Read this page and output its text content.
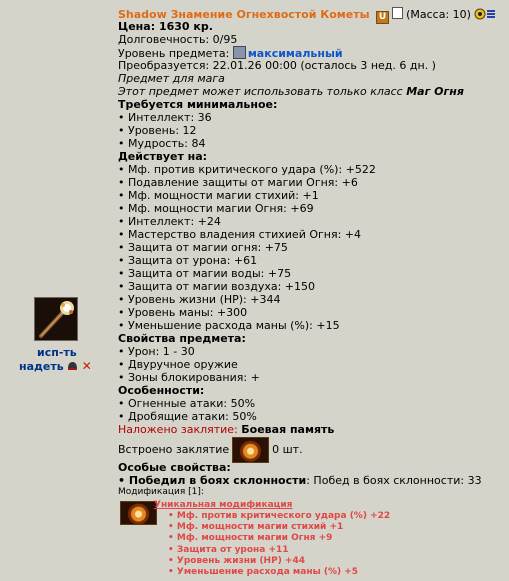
исп-ть
надеть ✕
Shadow Знамение Огнехвостой Кометы U (Масса: 10)
Цена: 1630 кр.
Долговечность: 0/95
Уровень предмета: максимальный
Преобразуется: 22.01.26 00:00 (осталось 3 нед. 6 дн. )
Предмет для мага
Этот предмет может использовать только класс Маг Огня
Требуется минимальное:
• Интеллект: 36
• Уровень: 12
• Мудрость: 84
Действует на:
• Мф. против критического удара (%): +522
• Подавление защиты от магии Огня: +6
• Мф. мощности магии стихий: +1
• Мф. мощности магии Огня: +69
• Интеллект: +24
• Мастерство владения стихией Огня: +4
• Защита от магии огня: +75
• Защита от урона: +61
• Защита от магии воды: +75
• Защита от магии воздуха: +150
• Уровень жизни (HP): +344
• Уровень маны: +300
• Уменьшение расхода маны (%): +15
Свойства предмета:
• Урон: 1 - 30
• Двуручное оружие
• Зоны блокирования: +
Особенности:
• Огненные атаки: 50%
• Дробящие атаки: 50%
Наложено заклятие: Боевая память
Встроено заклятие	0 шт.
Особые свойства:
• Победил в боях склонности: Побед в боях склонности: 33
Модификация [1]:
Уникальная модификация
• Мф. против критического удара (%) +22
• Мф. мощности магии стихий +1
• Мф. мощности магии Огня +9
• Защита от урона +11
• Уровень жизни (HP) +44
• Уменьшение расхода маны (%) +5
